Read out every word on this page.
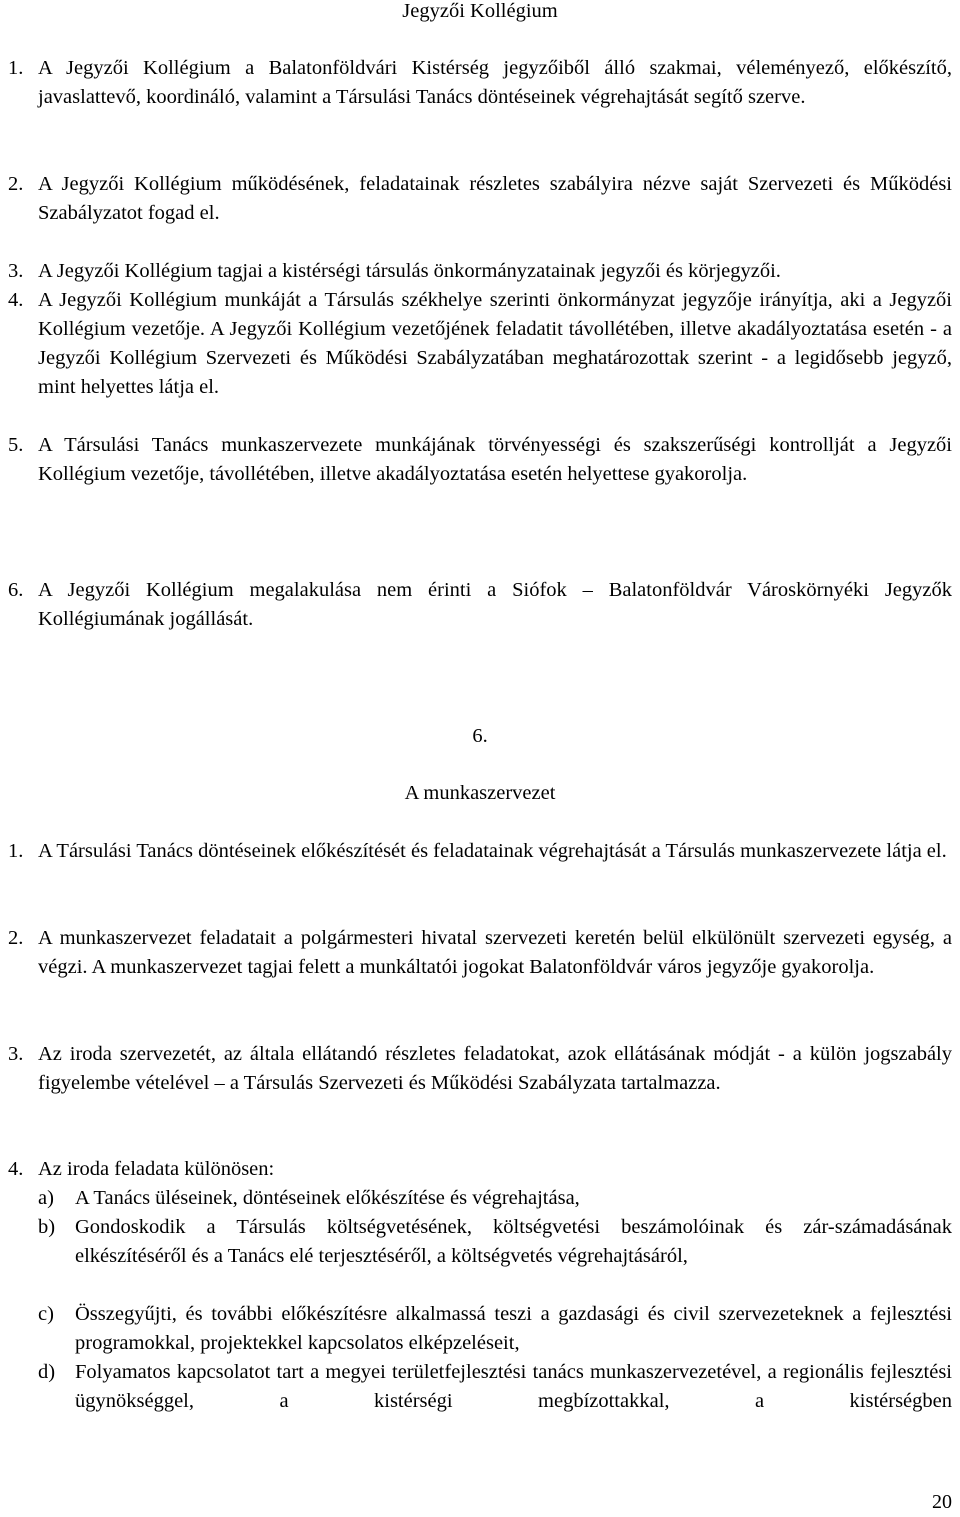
Jegyzői Kollégium
1. A Jegyzői Kollégium a Balatonföldvári Kistérség jegyzőiből álló szakmai, véleményező, előkészítő, javaslattevő, koordináló, valamint a Társulási Tanács döntéseinek végrehajtását segítő szerve.
2. A Jegyzői Kollégium működésének, feladatainak részletes szabályira nézve saját Szervezeti és Működési Szabályzatot fogad el.
3. A Jegyzői Kollégium tagjai a kistérségi társulás önkormányzatainak jegyzői és körjegyzői.
4. A Jegyzői Kollégium munkáját a Társulás székhelye szerinti önkormányzat jegyzője irányítja, aki a Jegyzői Kollégium vezetője. A Jegyzői Kollégium vezetőjének feladatit távollétében, illetve akadályoztatása esetén - a Jegyzői Kollégium Szervezeti és Működési Szabályzatában meghatározottak szerint - a legidősebb jegyző, mint helyettes látja el.
5. A Társulási Tanács munkaszervezete munkájának törvényességi és szakszerűségi kontrollját a Jegyzői Kollégium vezetője, távollétében, illetve akadályoztatása esetén helyettese gyakorolja.
6. A Jegyzői Kollégium megalakulása nem érinti a Siófok – Balatonföldvár Városkörnyéki Jegyzők Kollégiumának jogállását.
6.
A munkaszervezet
1. A Társulási Tanács döntéseinek előkészítését és feladatainak végrehajtását a Társulás munkaszervezete látja el.
2. A munkaszervezet feladatait a polgármesteri hivatal szervezeti keretén belül elkülönült szervezeti egység, a végzi. A munkaszervezet tagjai felett a munkáltatói jogokat Balatonföldvár város jegyzője gyakorolja.
3. Az iroda szervezetét, az általa ellátandó részletes feladatokat, azok ellátásának módját - a külön jogszabály figyelembe vételével – a Társulás Szervezeti és Működési Szabályzata tartalmazza.
4. Az iroda feladata különösen:
a) A Tanács üléseinek, döntéseinek előkészítése és végrehajtása,
b) Gondoskodik a Társulás költségvetésének, költségvetési beszámolóinak és zár-számadásának elkészítéséről és a Tanács elé terjesztéséről, a költségvetés végrehajtásáról,
c) Összegyűjti, és további előkészítésre alkalmassá teszi a gazdasági és civil szervezeteknek a fejlesztési programokkal, projektekkel kapcsolatos elképzeléseit,
d) Folyamatos kapcsolatot tart a megyei területfejlesztési tanács munkaszervezetével, a regionális fejlesztési ügynökséggel, a kistérségi megbízottakkal, a kistérségben
20
